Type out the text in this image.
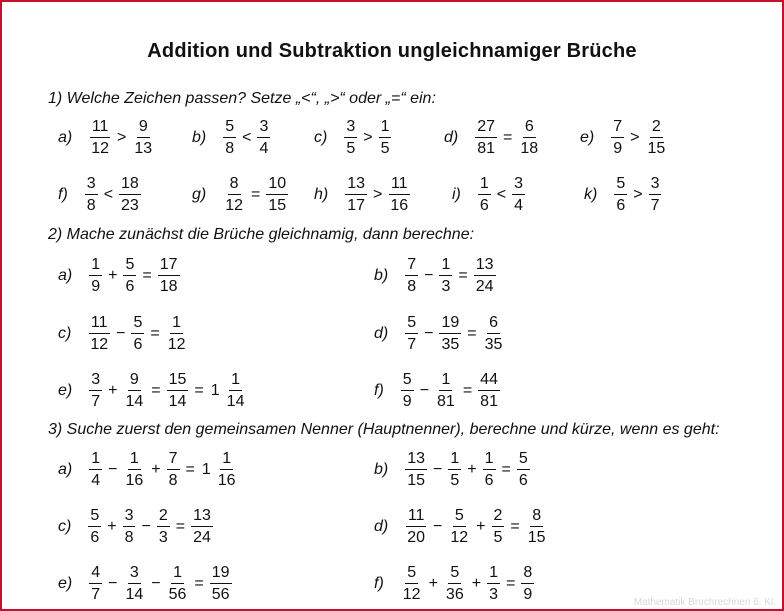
Addition und Subtraktion ungleichnamiger Brüche
1) Welche Zeichen passen? Setze „<“, „>“ oder „=“ ein:
2) Mache zunächst die Brüche gleichnamig, dann berechne:
3) Suche zuerst den gemeinsamen Nenner (Hauptnenner), berechne und kürze, wenn es geht:
$a) \frac{11}{12} > \frac{9}{13} b) \frac{5}{8} < \frac{3}{4}$	$c) \frac{3}{5} > \frac{1}{5}$	$d) \frac{27}{81} = \frac{6}{18} e) \frac{7}{9} > \frac{2}{15}$
$f) \frac{3}{8} < \frac{18}{23}$	$g) \frac{8}{12} = \frac{10}{15} h) \frac{13}{17} > \frac{11}{16}$	$i) \frac{1}{6} < \frac{3}{4}$	$k) \frac{5}{6} > \frac{3}{7}$
$a) \frac{1}{9} + \frac{5}{6} = \frac{17}{18}$	$b) \frac{7}{8} - \frac{1}{3} = \frac{13}{24}$
$c) \frac{11}{12} - \frac{5}{6} = \frac{1}{12}$	$d) \frac{5}{7} - \frac{19}{35} = \frac{6}{35}$
$e) \frac{3}{7} + \frac{9}{14} = \frac{15}{14} = 1 \frac{1}{14}$	$f) \frac{5}{9} - \frac{1}{81} = \frac{44}{81}$
$a) \frac{1}{4} - \frac{1}{16} + \frac{7}{8} = 1 \frac{1}{16}$	$b) \frac{13}{15} - \frac{1}{5} + \frac{1}{6} = \frac{5}{6}$
$c) \frac{5}{6} + \frac{3}{8} - \frac{2}{3} = \frac{13}{24}$	$d) \frac{11}{20} - \frac{5}{12} + \frac{2}{5} = \frac{8}{15}$
$e) \frac{4}{7} - \frac{3}{14} - \frac{1}{56} = \frac{19}{56}$	$f) \frac{5}{12} + \frac{5}{36} + \frac{1}{3} = \frac{8}{9}$	Mathematik Bruchrechnen 6. Kl.
